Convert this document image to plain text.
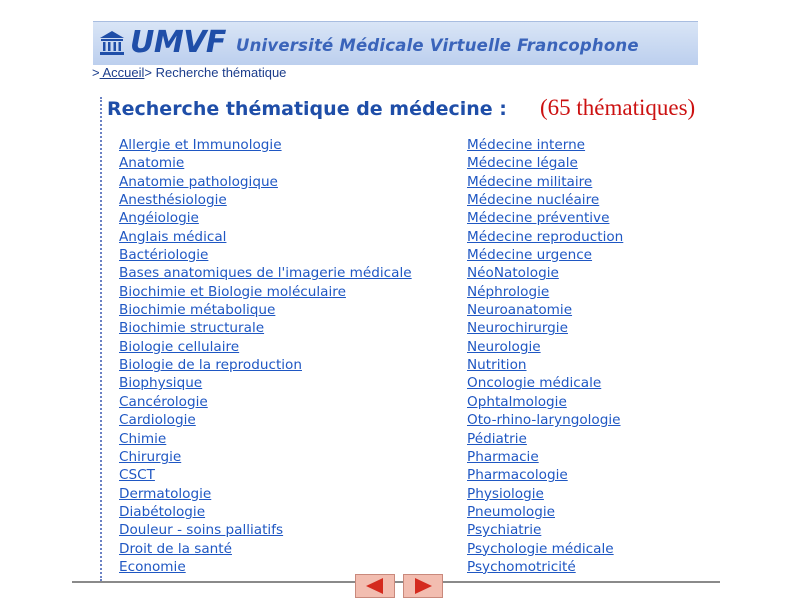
UMVF Université Médicale Virtuelle Francophone
> Accueil> Recherche thématique
Recherche thématique de médecine : (65 thématiques)
Allergie et Immunologie
Anatomie
Anatomie pathologique
Anesthésiologie
Angéiologie
Anglais médical
Bactériologie
Bases anatomiques de l'imagerie médicale
Biochimie et Biologie moléculaire
Biochimie métabolique
Biochimie structurale
Biologie cellulaire
Biologie de la reproduction
Biophysique
Cancérologie
Cardiologie
Chimie
Chirurgie
CSCT
Dermatologie
Diabétologie
Douleur - soins palliatifs
Droit de la santé
Economie
Médecine interne
Médecine légale
Médecine militaire
Médecine nucléaire
Médecine préventive
Médecine reproduction
Médecine urgence
NéoNatologie
Néphrologie
Neuroanatomie
Neurochirurgie
Neurologie
Nutrition
Oncologie médicale
Ophtalmologie
Oto-rhino-laryngologie
Pédiatrie
Pharmacie
Pharmacologie
Physiologie
Pneumologie
Psychiatrie
Psychologie médicale
Psychomotricité
